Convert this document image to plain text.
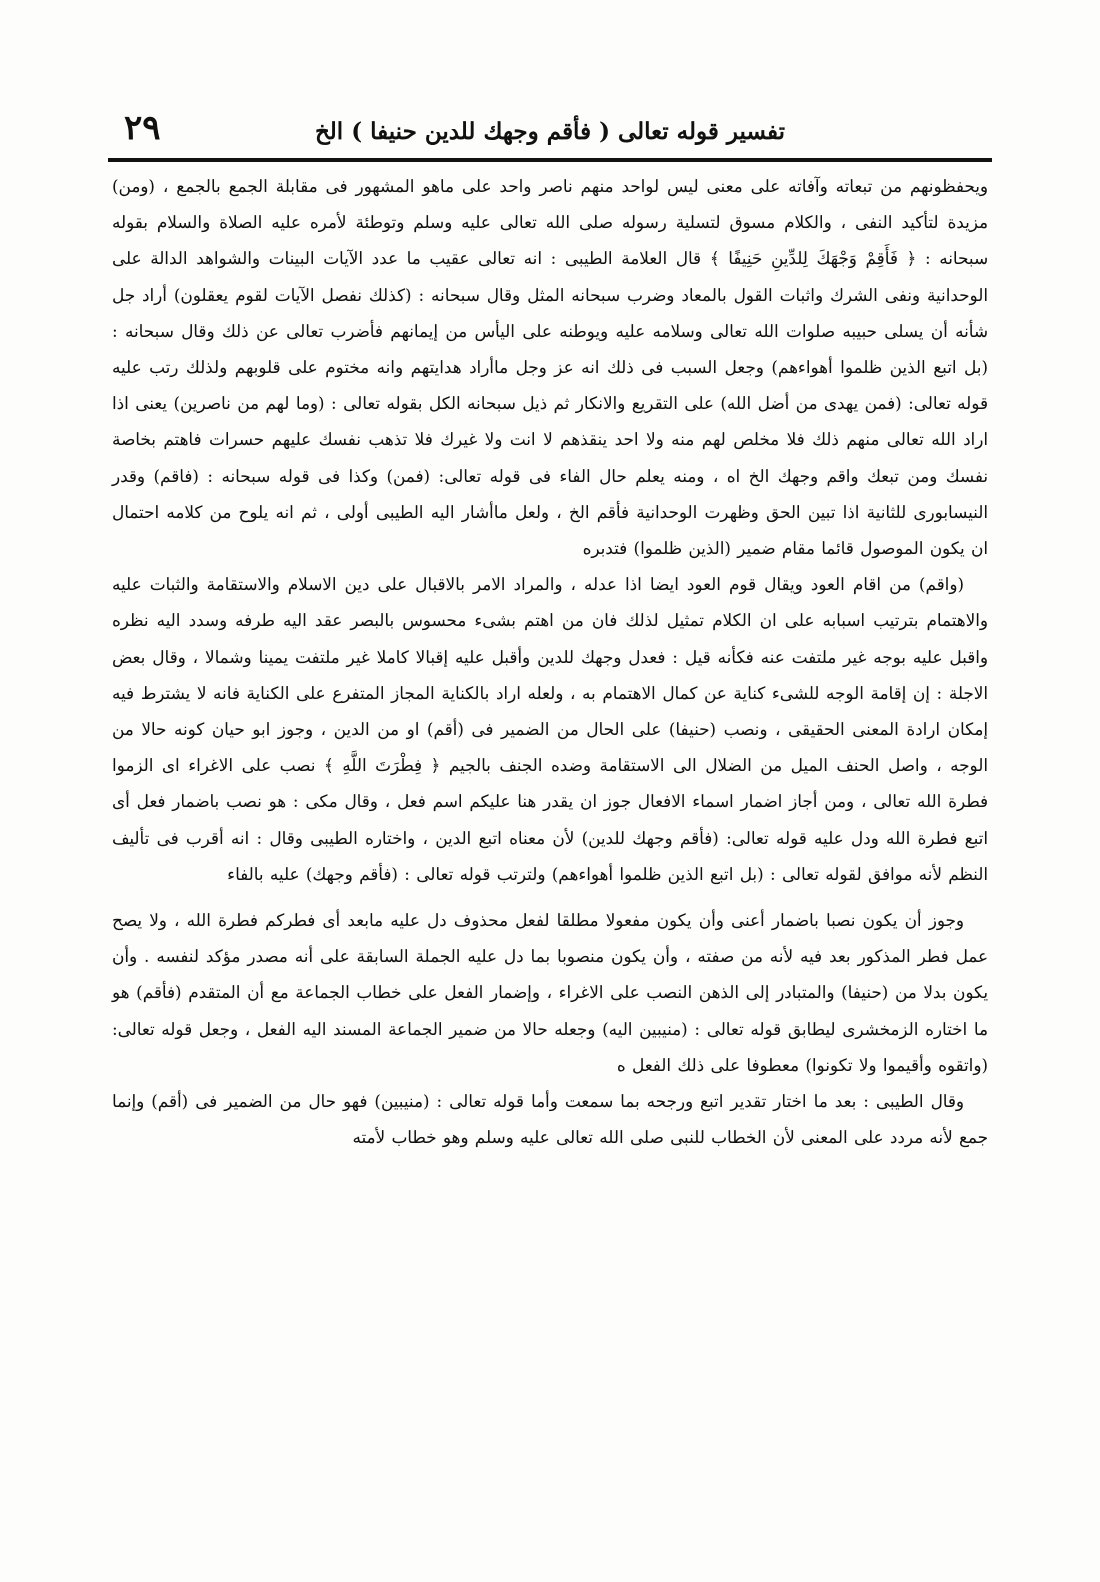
تفسير قوله تعالى ( فأقم وجهك للدين حنيفا ) الخ
٢٩

ويحفظونهم من تبعاته وآفاته على معنى ليس لواحد منهم ناصر واحد على ماهو المشهور فى مقابلة الجمع بالجمع ، (ومن) مزيدة لتأكيد النفى ، والكلام مسوق لتسلية رسوله صلى الله تعالى عليه وسلم وتوطئة لأمره عليه الصلاة والسلام بقوله سبحانه : ﴿ فَأَقِمْ وَجْهَكَ لِلدِّينِ حَنِيفًا ﴾ قال العلامة الطيبى : انه تعالى عقيب ما عدد الآيات البينات والشواهد الدالة على الوحدانية ونفى الشرك واثبات القول بالمعاد وضرب سبحانه المثل وقال سبحانه : (كذلك نفصل الآيات لقوم يعقلون) أراد جل شأنه أن يسلى حبيبه صلوات الله تعالى وسلامه عليه ويوطنه على اليأس من إيمانهم فأضرب تعالى عن ذلك وقال سبحانه : (بل اتبع الذين ظلموا أهواءهم) وجعل السبب فى ذلك انه عز وجل ماأراد هدايتهم وانه مختوم على قلوبهم ولذلك رتب عليه قوله تعالى: (فمن يهدى من أضل الله) على التقريع والانكار ثم ذيل سبحانه الكل بقوله تعالى : (وما لهم من ناصرين) يعنى اذا اراد الله تعالى منهم ذلك فلا مخلص لهم منه ولا احد ينقذهم لا انت ولا غيرك فلا تذهب نفسك عليهم حسرات فاهتم بخاصة نفسك ومن تبعك واقم وجهك الخ اه ، ومنه يعلم حال الفاء فى قوله تعالى: (فمن) وكذا فى قوله سبحانه : (فاقم) وقدر النيسابورى للثانية اذا تبين الحق وظهرت الوحدانية فأقم الخ ، ولعل ماأشار اليه الطيبى أولى ، ثم انه يلوح من كلامه احتمال ان يكون الموصول قائما مقام ضمير (الذين ظلموا) فتدبره

(واقم) من اقام العود ويقال قوم العود ايضا اذا عدله ، والمراد الامر بالاقبال على دين الاسلام والاستقامة والثبات عليه والاهتمام بترتيب اسبابه على ان الكلام تمثيل لذلك فان من اهتم بشىء محسوس بالبصر عقد اليه طرفه وسدد اليه نظره واقبل عليه بوجه غير ملتفت عنه فكأنه قيل : فعدل وجهك للدين وأقبل عليه إقبالا كاملا غير ملتفت يمينا وشمالا ، وقال بعض الاجلة : إن إقامة الوجه للشىء كناية عن كمال الاهتمام به ، ولعله اراد بالكناية المجاز المتفرع على الكناية فانه لا يشترط فيه إمكان ارادة المعنى الحقيقى ، ونصب (حنيفا) على الحال من الضمير فى (أقم) او من الدين ، وجوز ابو حيان كونه حالا من الوجه ، واصل الحنف الميل من الضلال الى الاستقامة وضده الجنف بالجيم ﴿ فِطْرَتَ اللَّهِ ﴾ نصب على الاغراء اى الزموا فطرة الله تعالى ، ومن أجاز اضمار اسماء الافعال جوز ان يقدر هنا عليكم اسم فعل ، وقال مكى : هو نصب باضمار فعل أى اتبع فطرة الله ودل عليه قوله تعالى: (فأقم وجهك للدين) لأن معناه اتبع الدين ، واختاره الطيبى وقال : انه أقرب فى تأليف النظم لأنه موافق لقوله تعالى : (بل اتبع الذين ظلموا أهواءهم) ولترتب قوله تعالى : (فأقم وجهك) عليه بالفاء

وجوز أن يكون نصبا باضمار أعنى وأن يكون مفعولا مطلقا لفعل محذوف دل عليه مابعد أى فطركم فطرة الله ، ولا يصح عمل فطر المذكور بعد فيه لأنه من صفته ، وأن يكون منصوبا بما دل عليه الجملة السابقة على أنه مصدر مؤكد لنفسه . وأن يكون بدلا من (حنيفا) والمتبادر إلى الذهن النصب على الاغراء ، وإضمار الفعل على خطاب الجماعة مع أن المتقدم (فأقم) هو ما اختاره الزمخشرى ليطابق قوله تعالى : (منيبين اليه) وجعله حالا من ضمير الجماعة المسند اليه الفعل ، وجعل قوله تعالى: (واتقوه وأقيموا ولا تكونوا) معطوفا على ذلك الفعل ه

وقال الطيبى : بعد ما اختار تقدير اتبع ورجحه بما سمعت وأما قوله تعالى : (منيبين) فهو حال من الضمير فى (أقم) وإنما جمع لأنه مردد على المعنى لأن الخطاب للنبى صلى الله تعالى عليه وسلم وهو خطاب لأمته
